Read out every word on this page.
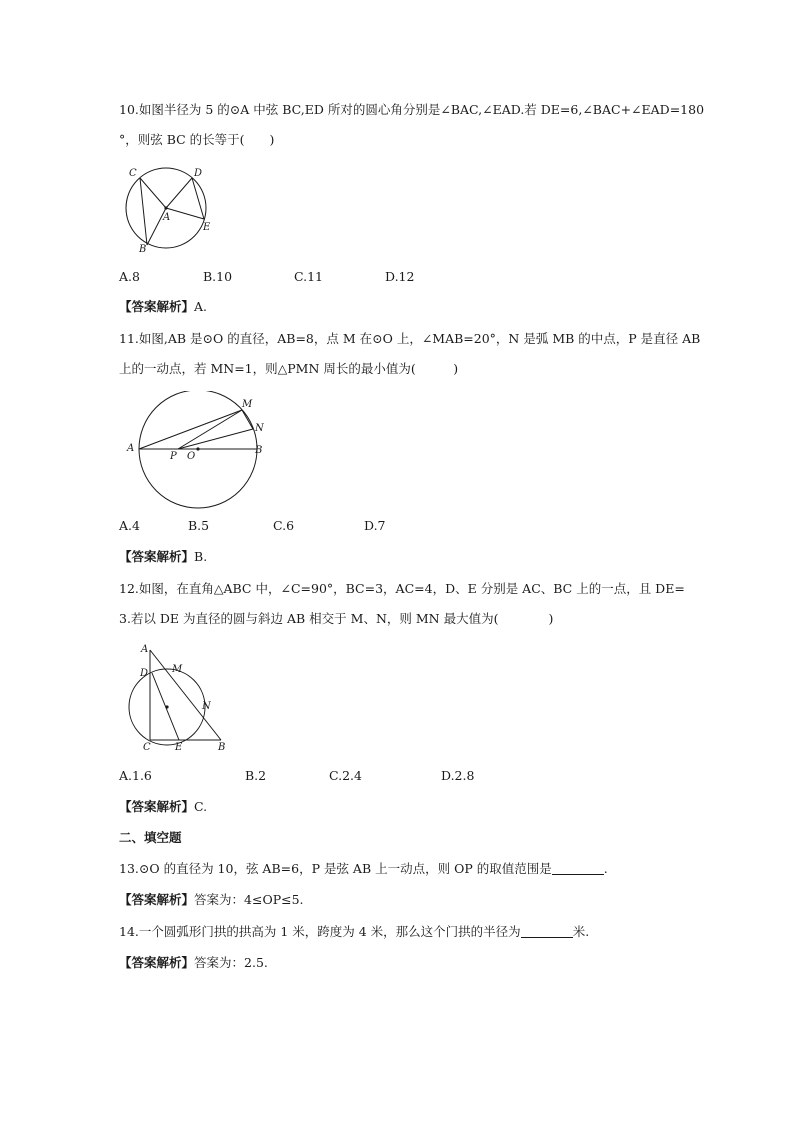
10.如图半径为 5 的⊙A 中弦 BC,ED 所对的圆心角分别是∠BAC,∠EAD.若 DE=6,∠BAC+∠EAD=180
°，则弦 BC 的长等于(　　)
C	D
A
E
B
A.8	B.10	C.11	D.12
【答案解析】A.
11.如图,AB 是⊙O 的直径，AB=8，点 M 在⊙O 上，∠MAB=20°，N 是弧 MB 的中点，P 是直径 AB
上的一动点，若 MN=1，则△PMN 周长的最小值为(　　　)
A	B
M
N
P O
A.4	B.5	C.6	D.7
【答案解析】B.
12.如图，在直角△ABC 中，∠C=90°，BC=3，AC=4，D、E 分别是 AC、BC 上的一点，且 DE=
3.若以 DE 为直径的圆与斜边 AB 相交于 M、N，则 MN 最大值为(　　　　)
A
D M
N
C E	B
A.1.6	B.2	C.2.4	D.2.8
【答案解析】C.
二、填空题
13.⊙O 的直径为 10，弦 AB=6，P 是弦 AB 上一动点，则 OP 的取值范围是	.
【答案解析】答案为：4≤OP≤5.
14.一个圆弧形门拱的拱高为 1 米，跨度为 4 米，那么这个门拱的半径为	米.
【答案解析】答案为：2.5.
